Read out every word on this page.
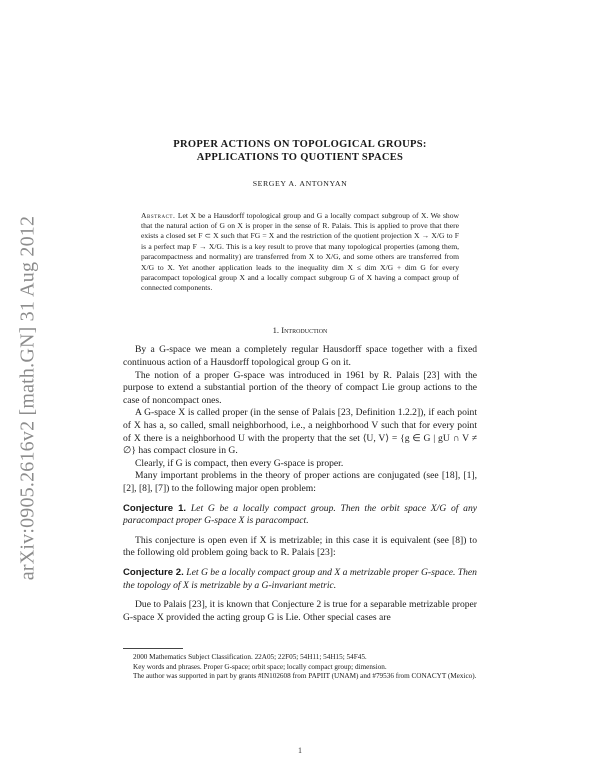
arXiv:0905.2616v2 [math.GN] 31 Aug 2012
PROPER ACTIONS ON TOPOLOGICAL GROUPS:
APPLICATIONS TO QUOTIENT SPACES
SERGEY A. ANTONYAN
Abstract. Let X be a Hausdorff topological group and G a locally compact subgroup of X. We show that the natural action of G on X is proper in the sense of R. Palais. This is applied to prove that there exists a closed set F ⊂ X such that FG = X and the restriction of the quotient projection X → X/G to F is a perfect map F → X/G. This is a key result to prove that many topological properties (among them, paracompactness and normality) are transferred from X to X/G, and some others are transferred from X/G to X. Yet another application leads to the inequality dim X ≤ dim X/G + dim G for every paracompact topological group X and a locally compact subgroup G of X having a compact group of connected components.
1. Introduction

By a G-space we mean a completely regular Hausdorff space together with a fixed continuous action of a Hausdorff topological group G on it.

The notion of a proper G-space was introduced in 1961 by R. Palais [23] with the purpose to extend a substantial portion of the theory of compact Lie group actions to the case of noncompact ones.

A G-space X is called proper (in the sense of Palais [23, Definition 1.2.2]), if each point of X has a, so called, small neighborhood, i.e., a neighborhood V such that for every point of X there is a neighborhood U with the property that the set ⟨U, V⟩ = {g ∈ G | gU ∩ V ≠ ∅} has compact closure in G.

Clearly, if G is compact, then every G-space is proper.

Many important problems in the theory of proper actions are conjugated (see [18], [1], [2], [8], [7]) to the following major open problem:

Conjecture 1. Let G be a locally compact group. Then the orbit space X/G of any paracompact proper G-space X is paracompact.

This conjecture is open even if X is metrizable; in this case it is equivalent (see [8]) to the following old problem going back to R. Palais [23]:

Conjecture 2. Let G be a locally compact group and X a metrizable proper G-space. Then the topology of X is metrizable by a G-invariant metric.

Due to Palais [23], it is known that Conjecture 2 is true for a separable metrizable proper G-space X provided the acting group G is Lie. Other special cases are

2000 Mathematics Subject Classification. 22A05; 22F05; 54H11; 54H15; 54F45.

Key words and phrases. Proper G-space; orbit space; locally compact group; dimension.

The author was supported in part by grants #IN102608 from PAPIIT (UNAM) and #79536 from CONACYT (Mexico).

1
